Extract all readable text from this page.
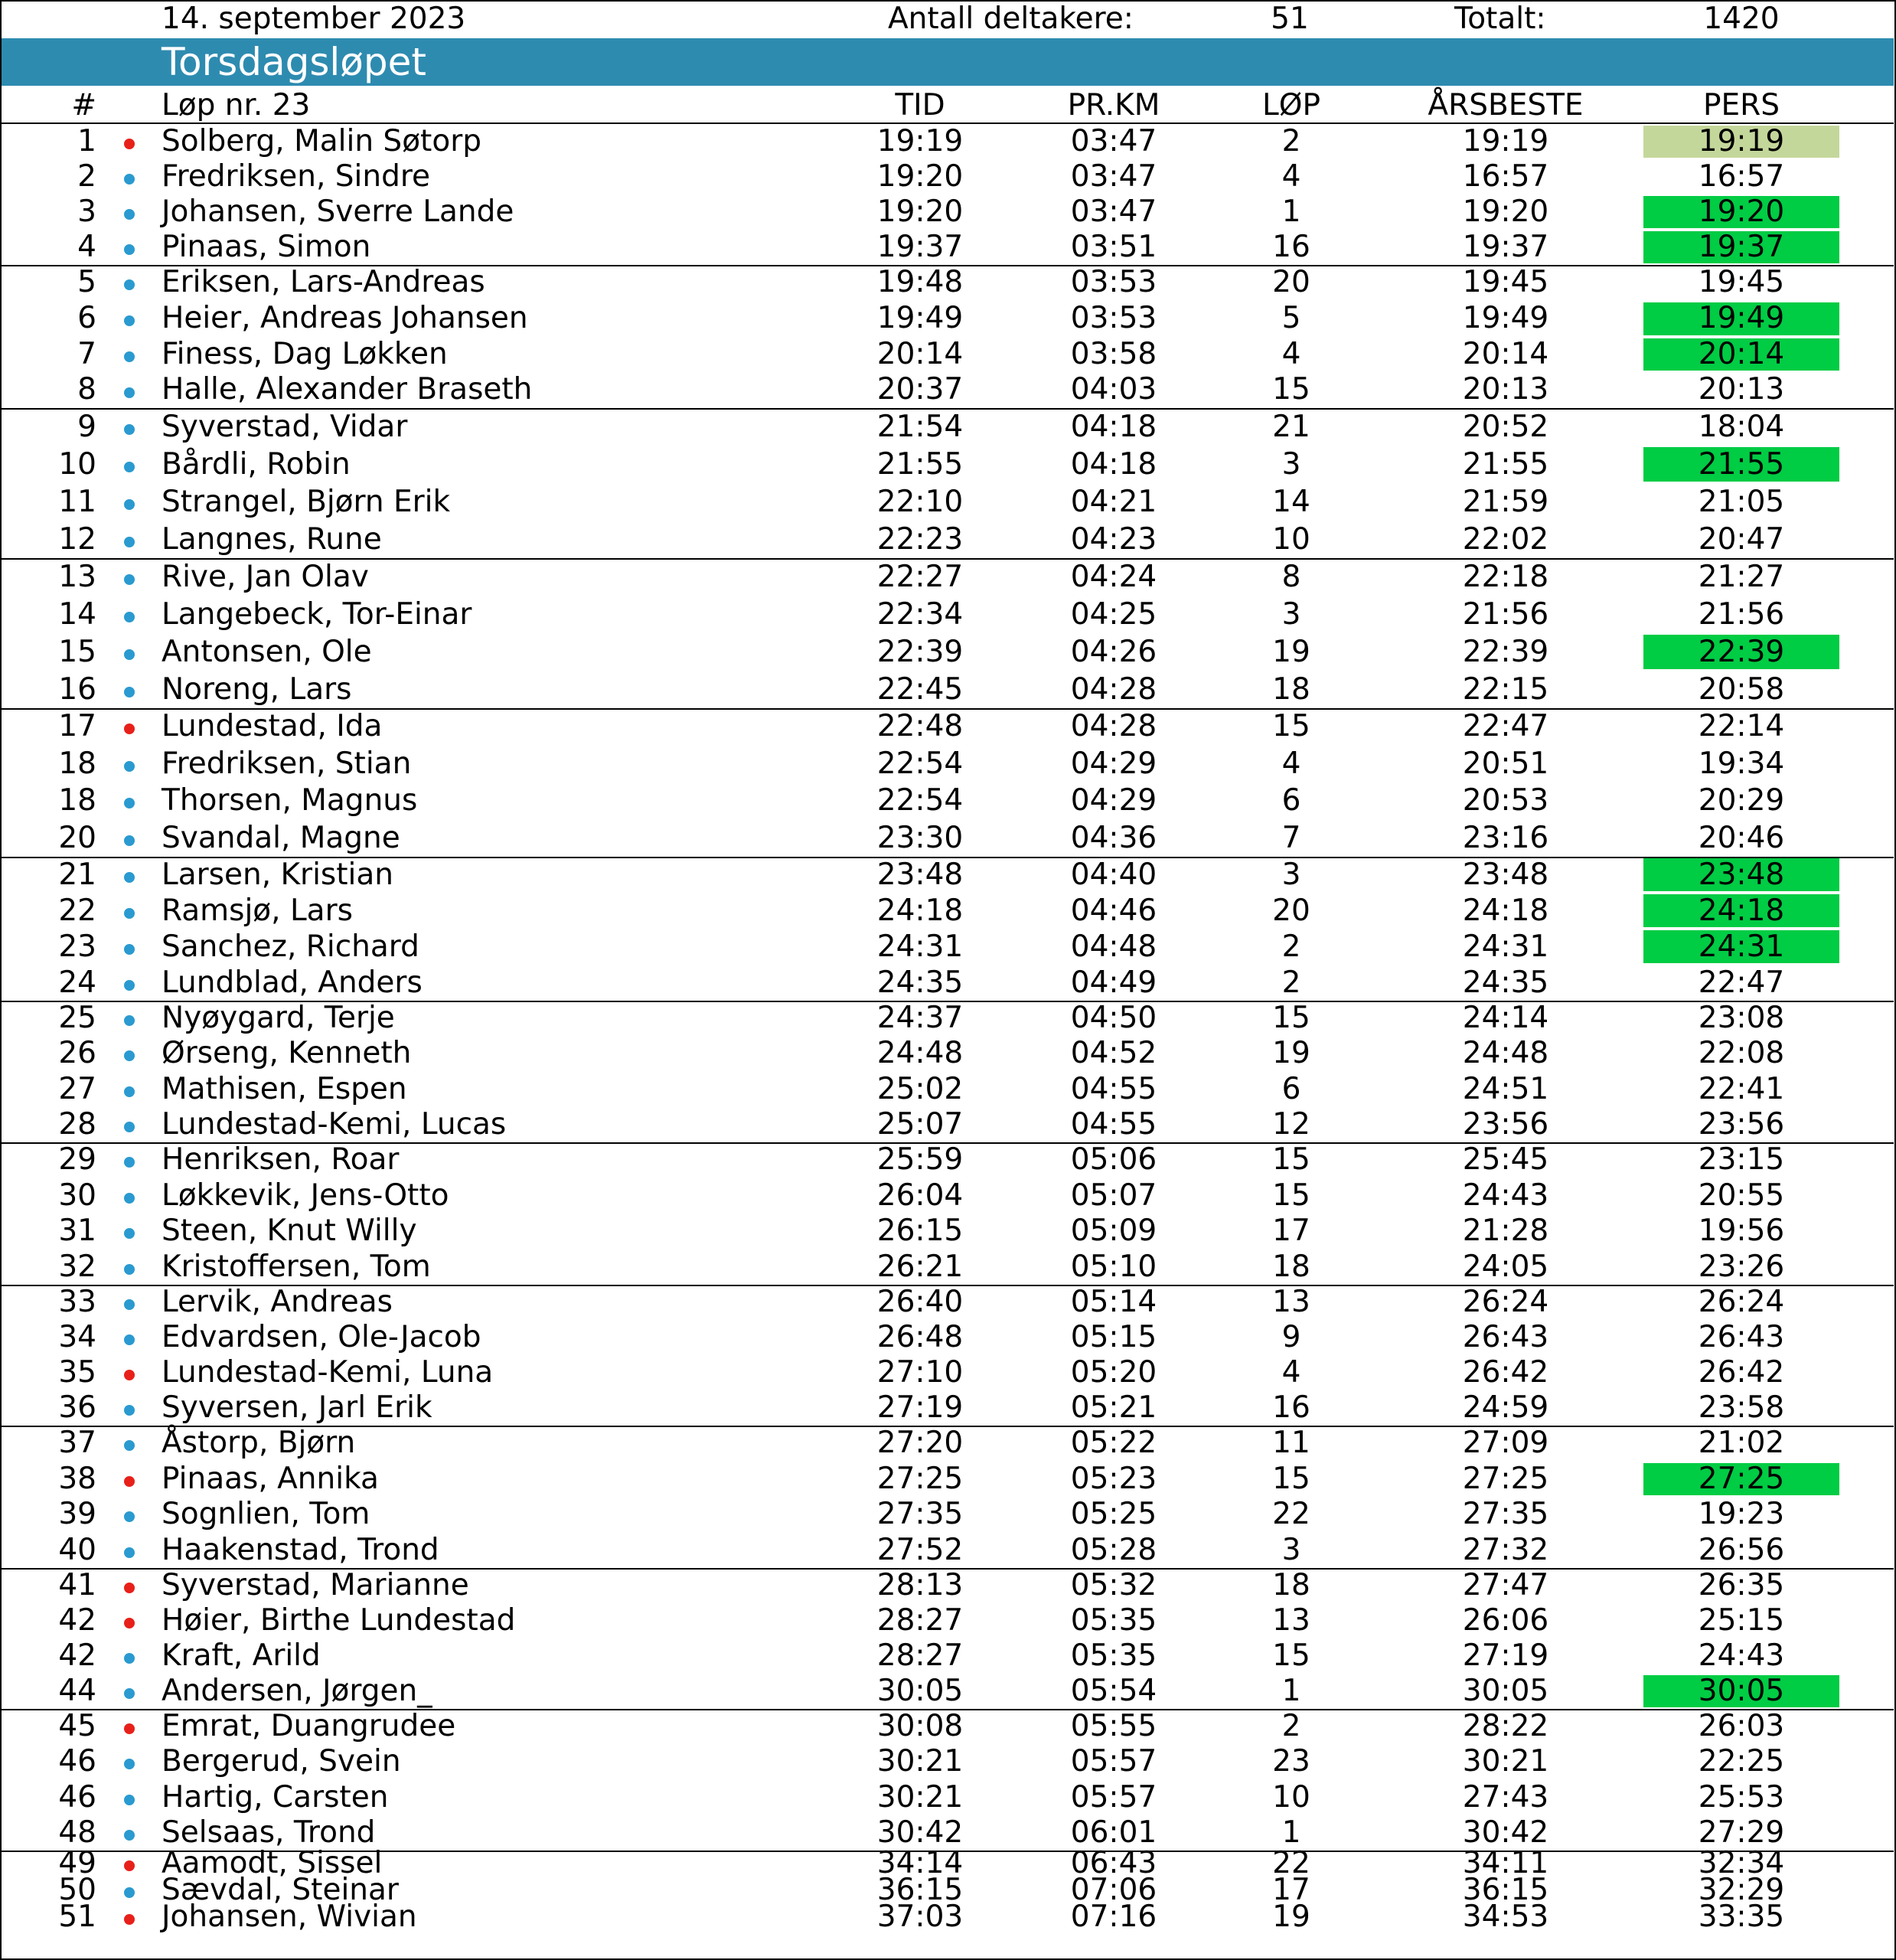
14. september 2023	Antall deltakere:	51	Totalt:	1420
Torsdagsløpet
# Løp nr. 23	TID	PR.KM	LØP	ÅRSBESTE	PERS
1 Solberg, Malin Søtorp	19:19	03:47	2	19:19	19:19
2 Fredriksen, Sindre	19:20	03:47	4	16:57	16:57
3 Johansen, Sverre Lande	19:20	03:47	1	19:20	19:20
4 Pinaas, Simon	19:37	03:51	16	19:37	19:37
5 Eriksen, Lars-Andreas	19:48	03:53	20	19:45	19:45
6 Heier, Andreas Johansen	19:49	03:53	5	19:49	19:49
7 Finess, Dag Løkken	20:14	03:58	4	20:14	20:14
8 Halle, Alexander Braseth	20:37	04:03	15	20:13	20:13
9 Syverstad, Vidar	21:54	04:18	21	20:52	18:04
10 Bårdli, Robin	21:55	04:18	3	21:55	21:55
11 Strangel, Bjørn Erik	22:10	04:21	14	21:59	21:05
12 Langnes, Rune	22:23	04:23	10	22:02	20:47
13 Rive, Jan Olav	22:27	04:24	8	22:18	21:27
14 Langebeck, Tor-Einar	22:34	04:25	3	21:56	21:56
15 Antonsen, Ole	22:39	04:26	19	22:39	22:39
16 Noreng, Lars	22:45	04:28	18	22:15	20:58
17 Lundestad, Ida	22:48	04:28	15	22:47	22:14
18 Fredriksen, Stian	22:54	04:29	4	20:51	19:34
18 Thorsen, Magnus	22:54	04:29	6	20:53	20:29
20 Svandal, Magne	23:30	04:36	7	23:16	20:46
21 Larsen, Kristian	23:48	04:40	3	23:48	23:48
22 Ramsjø, Lars	24:18	04:46	20	24:18	24:18
23 Sanchez, Richard	24:31	04:48	2	24:31	24:31
24 Lundblad, Anders	24:35	04:49	2	24:35	22:47
25 Nyøygard, Terje	24:37	04:50	15	24:14	23:08
26 Ørseng, Kenneth	24:48	04:52	19	24:48	22:08
27 Mathisen, Espen	25:02	04:55	6	24:51	22:41
28 Lundestad-Kemi, Lucas	25:07	04:55	12	23:56	23:56
29 Henriksen, Roar	25:59	05:06	15	25:45	23:15
30 Løkkevik, Jens-Otto	26:04	05:07	15	24:43	20:55
31 Steen, Knut Willy	26:15	05:09	17	21:28	19:56
32 Kristoffersen, Tom	26:21	05:10	18	24:05	23:26
33 Lervik, Andreas	26:40	05:14	13	26:24	26:24
34 Edvardsen, Ole-Jacob	26:48	05:15	9	26:43	26:43
35 Lundestad-Kemi, Luna	27:10	05:20	4	26:42	26:42
36 Syversen, Jarl Erik	27:19	05:21	16	24:59	23:58
37 Åstorp, Bjørn	27:20	05:22	11	27:09	21:02
38 Pinaas, Annika	27:25	05:23	15	27:25	27:25
39 Sognlien, Tom	27:35	05:25	22	27:35	19:23
40 Haakenstad, Trond	27:52	05:28	3	27:32	26:56
41 Syverstad, Marianne	28:13	05:32	18	27:47	26:35
42 Høier, Birthe Lundestad	28:27	05:35	13	26:06	25:15
42 Kraft, Arild	28:27	05:35	15	27:19	24:43
44 Andersen, Jørgen_	30:05	05:54	1	30:05	30:05
45 Emrat, Duangrudee	30:08	05:55	2	28:22	26:03
46 Bergerud, Svein	30:21	05:57	23	30:21	22:25
46 Hartig, Carsten	30:21	05:57	10	27:43	25:53
48 Selsaas, Trond	30:42	06:01	1	30:42	27:29
49 Aamodt, Sissel	34:14	06:43	22	34:11	32:34
50 Sævdal, Steinar	36:15	07:06	17	36:15	32:29
51 Johansen, Wivian	37:03	07:16	19	34:53	33:35
